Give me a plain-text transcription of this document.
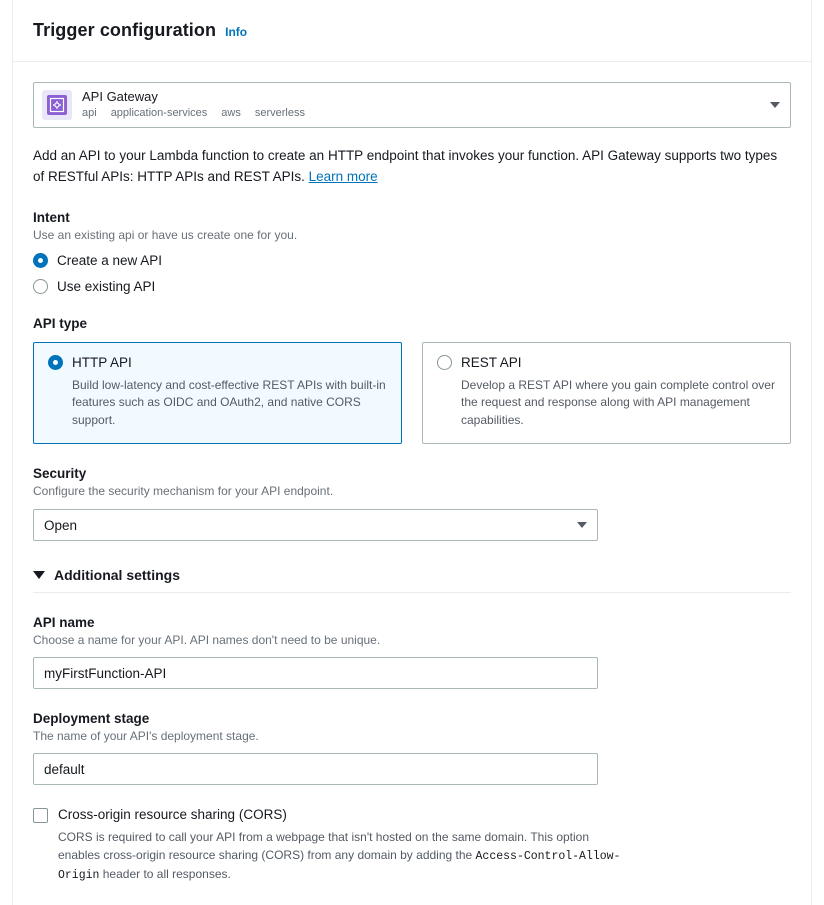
Trigger configuration Info
API Gateway
api application-services aws serverless

Add an API to your Lambda function to create an HTTP endpoint that invokes your function. API Gateway supports two types of RESTful APIs: HTTP APIs and REST APIs. Learn more

Intent
Use an existing api or have us create one for you.
Create a new API
Use existing API
API type
HTTP API
Build low-latency and cost-effective REST APIs with built-in features such as OIDC and OAuth2, and native CORS support.
REST API
Develop a REST API where you gain complete control over the request and response along with API management capabilities.
Security
Configure the security mechanism for your API endpoint.
Open
Additional settings
API name
Choose a name for your API. API names don't need to be unique.
myFirstFunction-API
Deployment stage
The name of your API's deployment stage.
default
Cross-origin resource sharing (CORS)
CORS is required to call your API from a webpage that isn't hosted on the same domain. This option enables cross-origin resource sharing (CORS) from any domain by adding the Access-Control-Allow-Origin header to all responses.
